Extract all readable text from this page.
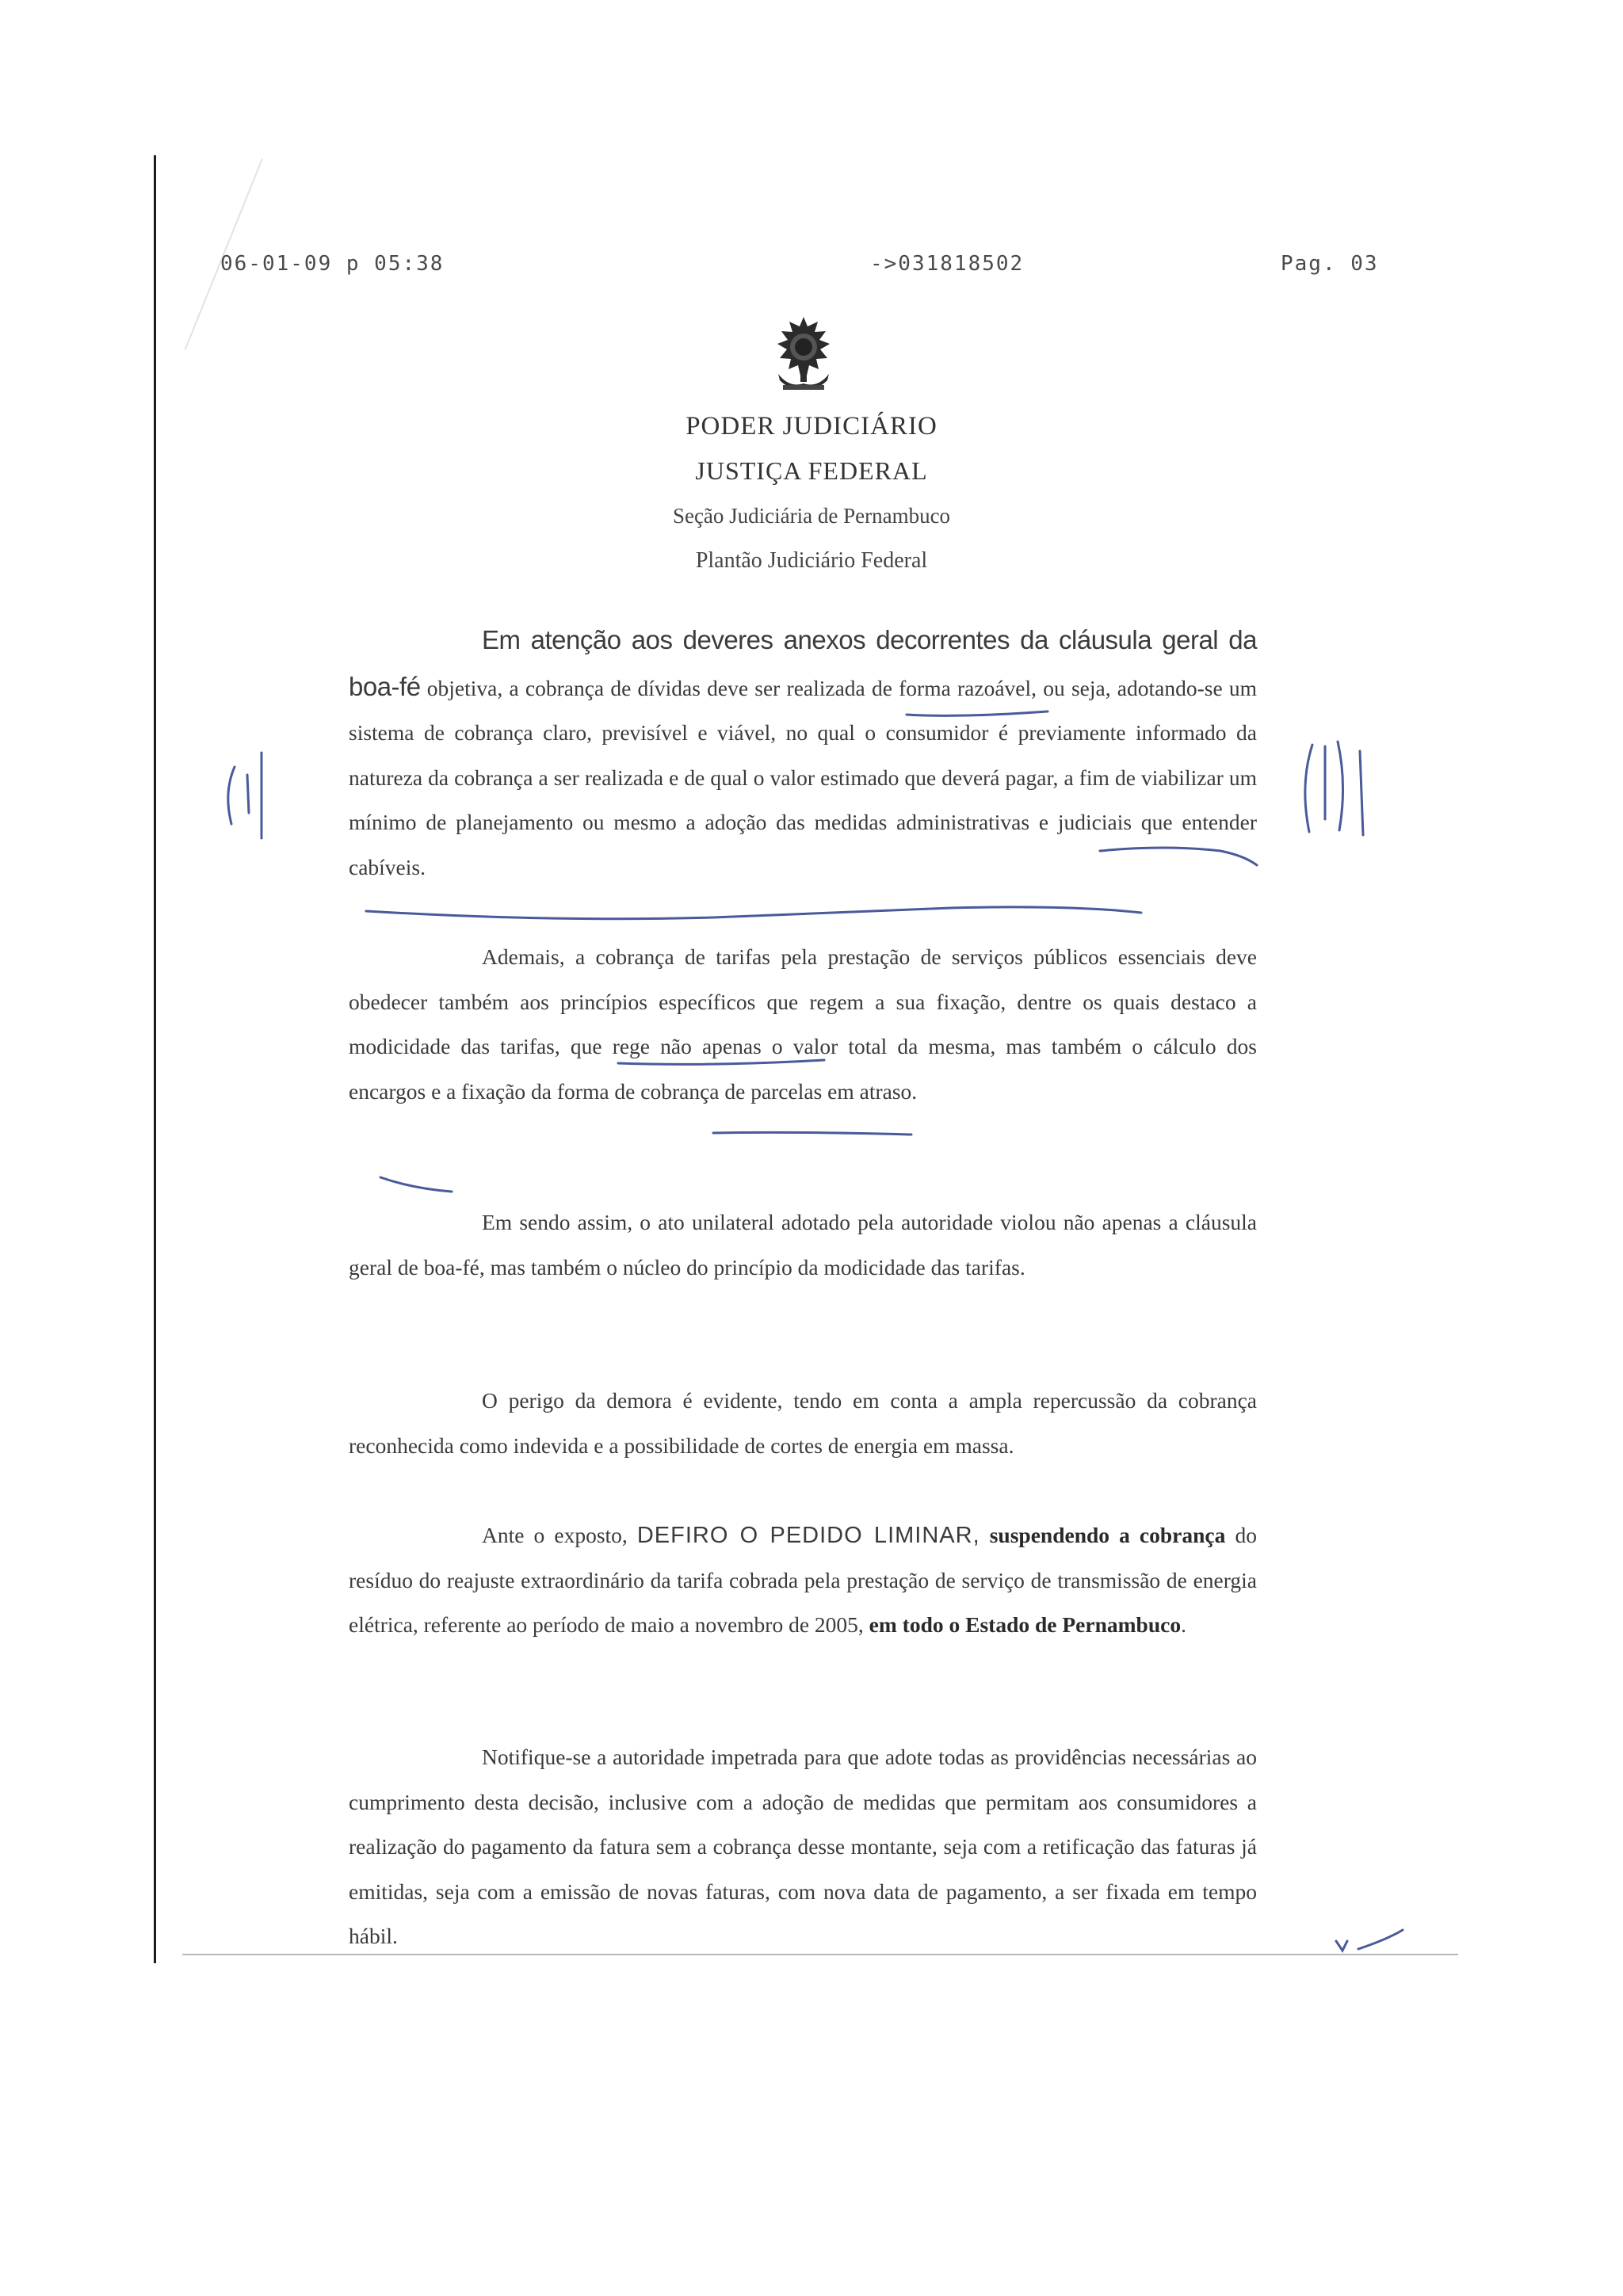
06-01-09 p 05:38	->031818502	Pag. 03
PODER JUDICIÁRIO
JUSTIÇA FEDERAL
Seção Judiciária de Pernambuco
Plantão Judiciário Federal

Em atenção aos deveres anexos decorrentes da cláusula geral da boa-fé objetiva, a cobrança de dívidas deve ser realizada de forma razoável, ou seja, adotando-se um sistema de cobrança claro, previsível e viável, no qual o consumidor é previamente informado da natureza da cobrança a ser realizada e de qual o valor estimado que deverá pagar, a fim de viabilizar um mínimo de planejamento ou mesmo a adoção das medidas administrativas e judiciais que entender cabíveis.

Ademais, a cobrança de tarifas pela prestação de serviços públicos essenciais deve obedecer também aos princípios específicos que regem a sua fixação, dentre os quais destaco a modicidade das tarifas, que rege não apenas o valor total da mesma, mas também o cálculo dos encargos e a fixação da forma de cobrança de parcelas em atraso.

Em sendo assim, o ato unilateral adotado pela autoridade violou não apenas a cláusula geral de boa-fé, mas também o núcleo do princípio da modicidade das tarifas.

O perigo da demora é evidente, tendo em conta a ampla repercussão da cobrança reconhecida como indevida e a possibilidade de cortes de energia em massa.

Ante o exposto, DEFIRO O PEDIDO LIMINAR, suspendendo a cobrança do resíduo do reajuste extraordinário da tarifa cobrada pela prestação de serviço de transmissão de energia elétrica, referente ao período de maio a novembro de 2005, em todo o Estado de Pernambuco.

Notifique-se a autoridade impetrada para que adote todas as providências necessárias ao cumprimento desta decisão, inclusive com a adoção de medidas que permitam aos consumidores a realização do pagamento da fatura sem a cobrança desse montante, seja com a retificação das faturas já emitidas, seja com a emissão de novas faturas, com nova data de pagamento, a ser fixada em tempo hábil.
